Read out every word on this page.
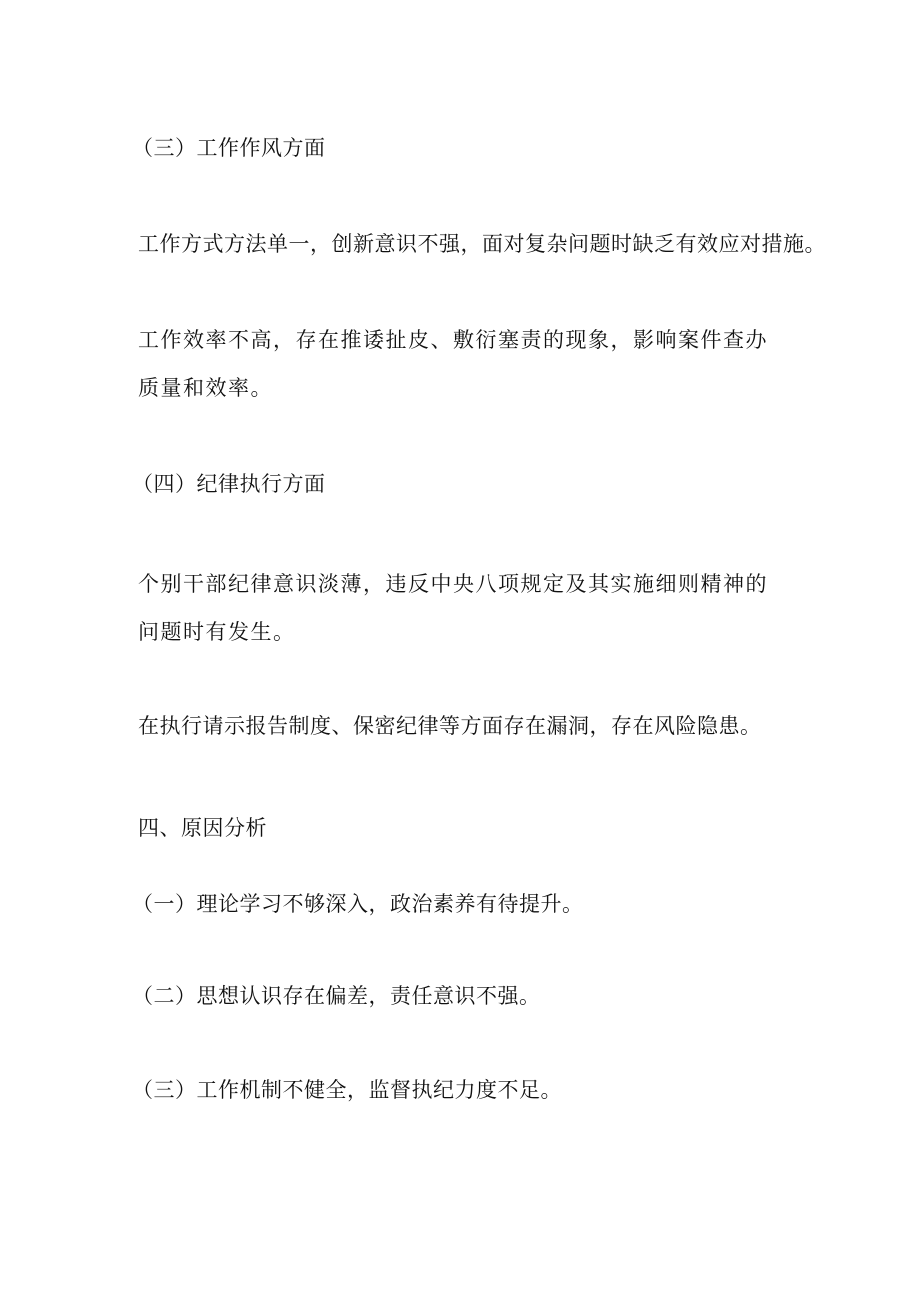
（三）工作作风方面
工作方式方法单一，创新意识不强，面对复杂问题时缺乏有效应对措施。
工作效率不高，存在推诿扯皮、敷衍塞责的现象，影响案件查办质量和效率。
（四）纪律执行方面
个别干部纪律意识淡薄，违反中央八项规定及其实施细则精神的问题时有发生。
在执行请示报告制度、保密纪律等方面存在漏洞，存在风险隐患。
四、原因分析
（一）理论学习不够深入，政治素养有待提升。
（二）思想认识存在偏差，责任意识不强。
（三）工作机制不健全，监督执纪力度不足。
